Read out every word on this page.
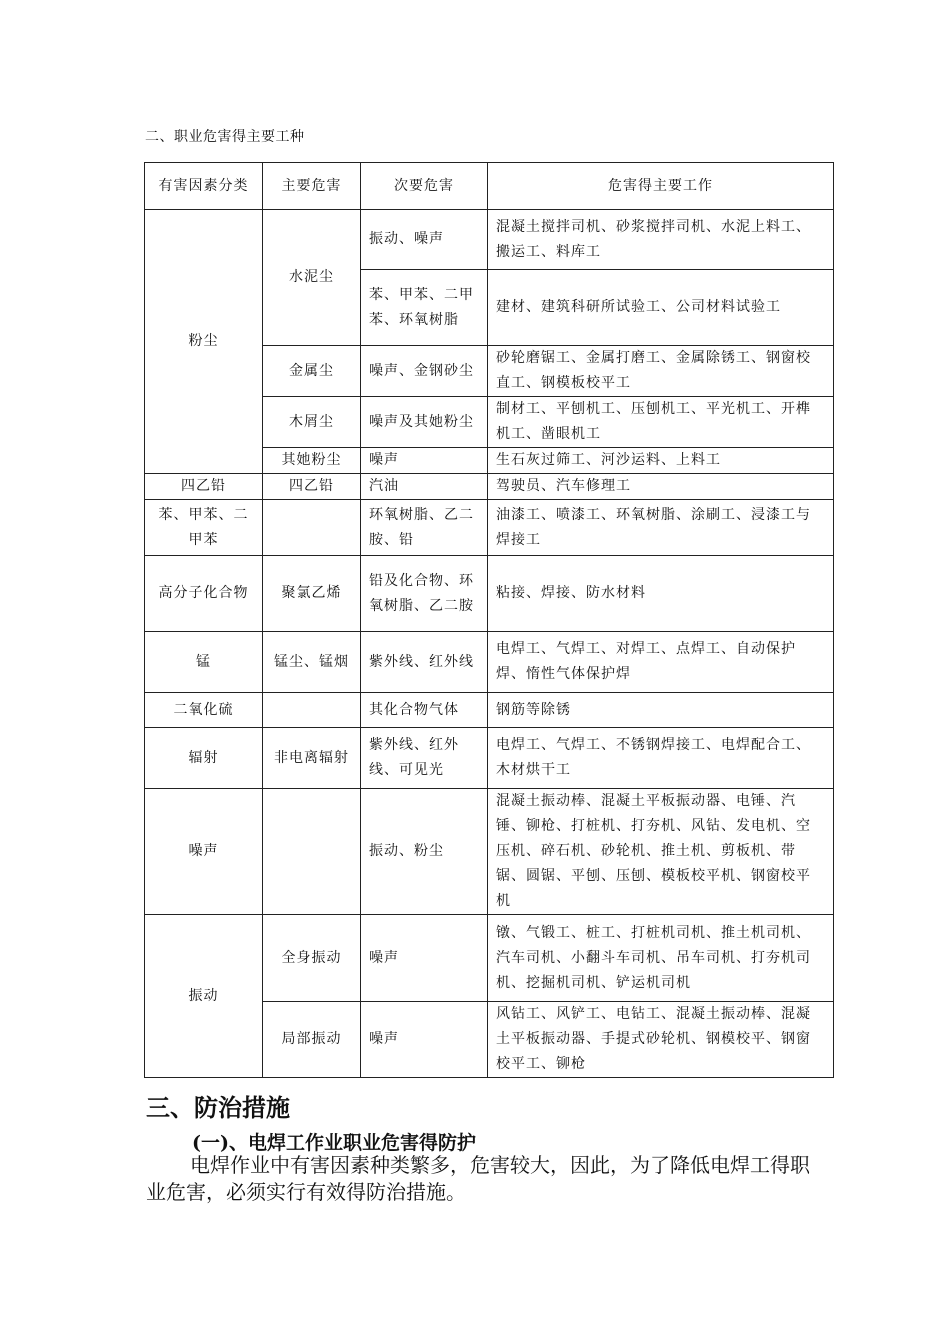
二、职业危害得主要工种
有害因素分类	主要危害	次要危害	危害得主要工作
粉尘	水泥尘	振动、噪声	混凝土搅拌司机、砂浆搅拌司机、水泥上料工、搬运工、料库工
		苯、甲苯、二甲苯、环氧树脂	建材、建筑科研所试验工、公司材料试验工
	金属尘	噪声、金钢砂尘	砂轮磨锯工、金属打磨工、金属除锈工、钢窗校直工、钢模板校平工
	木屑尘	噪声及其她粉尘	制材工、平刨机工、压刨机工、平光机工、开榫机工、凿眼机工
	其她粉尘	噪声	生石灰过筛工、河沙运料、上料工
四乙铅	四乙铅	汽油	驾驶员、汽车修理工
苯、甲苯、二甲苯		环氧树脂、乙二胺、铅	油漆工、喷漆工、环氧树脂、涂刷工、浸漆工与焊接工
高分子化合物	聚氯乙烯	铅及化合物、环氧树脂、乙二胺	粘接、焊接、防水材料
锰	锰尘、锰烟	紫外线、红外线	电焊工、气焊工、对焊工、点焊工、自动保护焊、惰性气体保护焊
二氧化硫		其化合物气体	钢筋等除锈
辐射	非电离辐射	紫外线、红外线、可见光	电焊工、气焊工、不锈钢焊接工、电焊配合工、木材烘干工
噪声		振动、粉尘	混凝土振动棒、混凝土平板振动器、电锤、汽锤、铆枪、打桩机、打夯机、风钻、发电机、空压机、碎石机、砂轮机、推土机、剪板机、带锯、圆锯、平刨、压刨、模板校平机、钢窗校平机
振动	全身振动	噪声	镦、气锻工、桩工、打桩机司机、推土机司机、汽车司机、小翻斗车司机、吊车司机、打夯机司机、挖掘机司机、铲运机司机
	局部振动	噪声	风钻工、风铲工、电钻工、混凝土振动棒、混凝土平板振动器、手提式砂轮机、钢模校平、钢窗校平工、铆枪
三、防治措施
(一)、电焊工作业职业危害得防护
电焊作业中有害因素种类繁多，危害较大，因此，为了降低电焊工得职业危害，必须实行有效得防治措施。
